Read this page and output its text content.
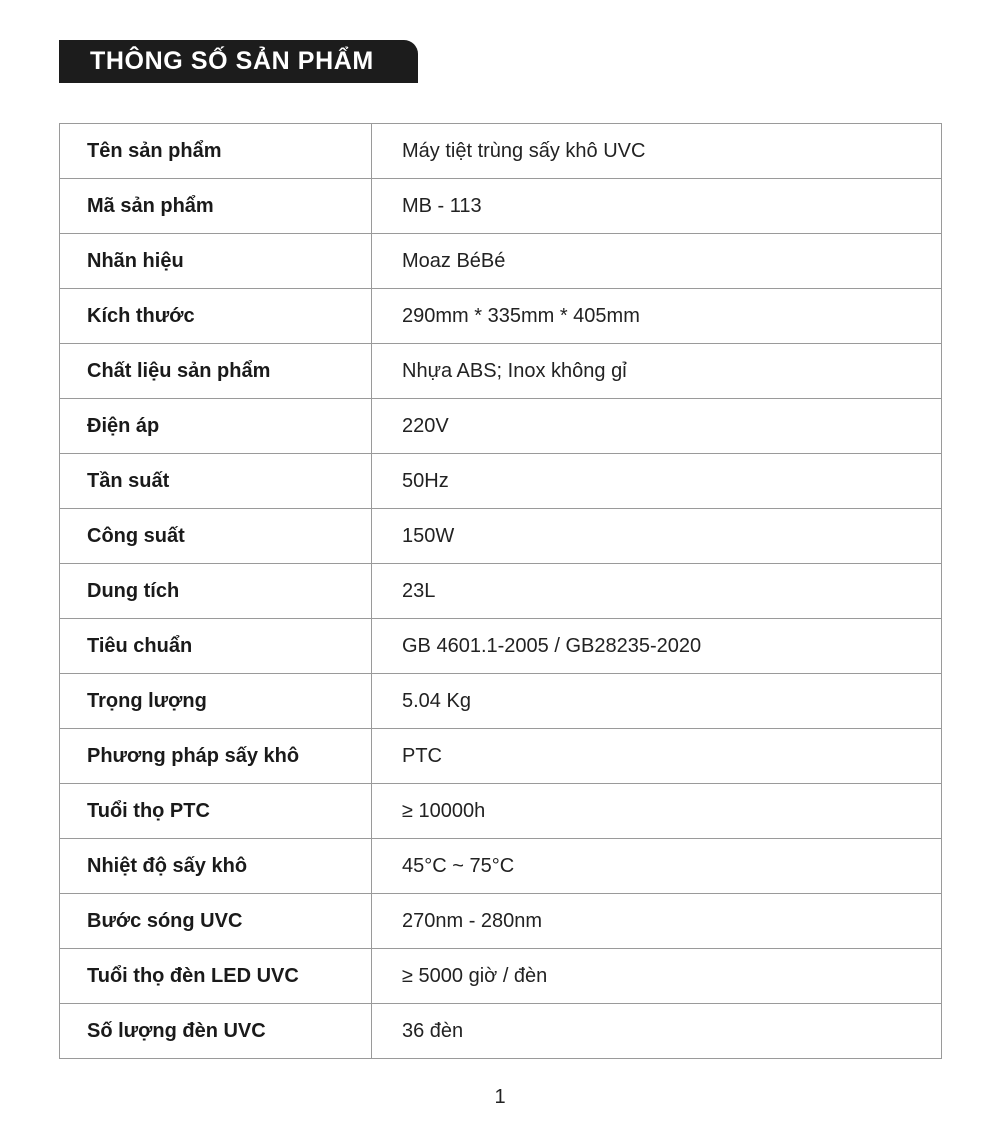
THÔNG SỐ SẢN PHẨM
Tên sản phẩm	Máy tiệt trùng sấy khô UVC
Mã sản phẩm	MB - 113
Nhãn hiệu	Moaz BéBé
Kích thước	290mm * 335mm * 405mm
Chất liệu sản phẩm	Nhựa ABS; Inox không gỉ
Điện áp	220V
Tần suất	50Hz
Công suất	150W
Dung tích	23L
Tiêu chuẩn	GB 4601.1-2005 / GB28235-2020
Trọng lượng	5.04 Kg
Phương pháp sấy khô	PTC
Tuổi thọ PTC	≥ 10000h
Nhiệt độ sấy khô	45°C ~ 75°C
Bước sóng UVC	270nm - 280nm
Tuổi thọ đèn LED UVC	≥ 5000 giờ / đèn
Số lượng đèn UVC	36 đèn
1
